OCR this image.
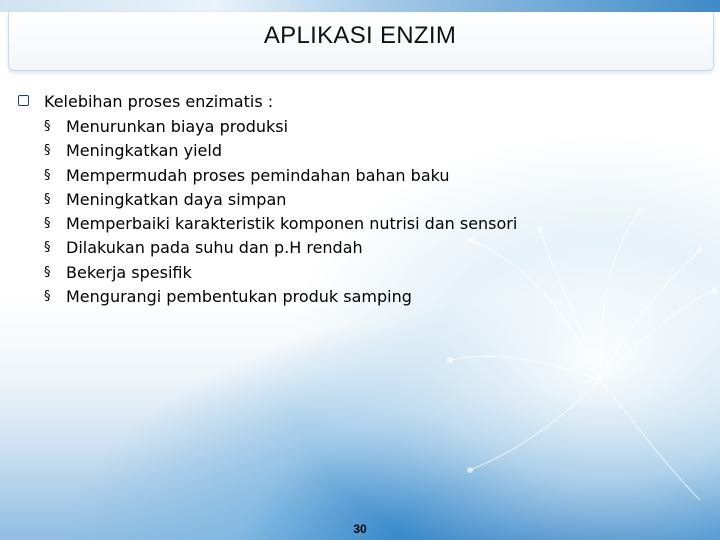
APLIKASI ENZIM
Kelebihan proses enzimatis :
§ Menurunkan biaya produksi
§ Meningkatkan yield
§ Mempermudah proses pemindahan bahan baku
§ Meningkatkan daya simpan
§ Memperbaiki karakteristik komponen nutrisi dan sensori
§ Dilakukan pada suhu dan p.H rendah
§ Bekerja spesifik
§ Mengurangi pembentukan produk samping
30
